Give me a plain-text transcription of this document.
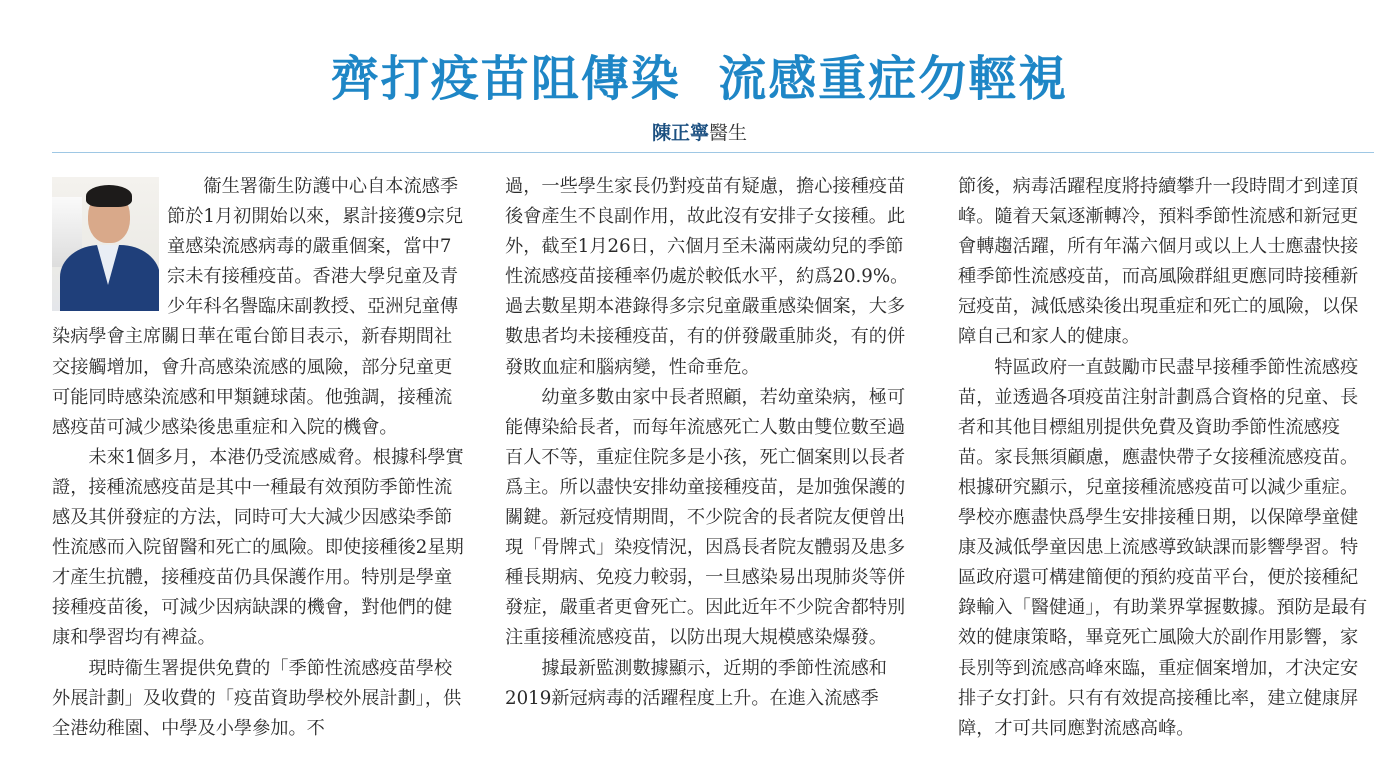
齊打疫苗阻傳染  流感重症勿輕視
陳正寧醫生

衞生署衞生防護中心自本流感季節於1月初開始以來，累計接獲9宗兒童感染流感病毒的嚴重個案，當中7宗未有接種疫苗。香港大學兒童及青少年科名譽臨床副教授、亞洲兒童傳染病學會主席關日華在電台節目表示，新春期間社交接觸增加，會升高感染流感的風險，部分兒童更可能同時感染流感和甲類鏈球菌。他強調，接種流感疫苗可減少感染後患重症和入院的機會。

未來1個多月，本港仍受流感威脅。根據科學實證，接種流感疫苗是其中一種最有效預防季節性流感及其併發症的方法，同時可大大減少因感染季節性流感而入院留醫和死亡的風險。即使接種後2星期才產生抗體，接種疫苗仍具保護作用。特別是學童接種疫苗後，可減少因病缺課的機會，對他們的健康和學習均有裨益。

現時衞生署提供免費的「季節性流感疫苗學校外展計劃」及收費的「疫苗資助學校外展計劃」，供全港幼稚園、中學及小學參加。不

過，一些學生家長仍對疫苗有疑慮，擔心接種疫苗後會產生不良副作用，故此沒有安排子女接種。此外，截至1月26日，六個月至未滿兩歲幼兒的季節性流感疫苗接種率仍處於較低水平，約爲20.9%。過去數星期本港錄得多宗兒童嚴重感染個案，大多數患者均未接種疫苗，有的併發嚴重肺炎，有的併發敗血症和腦病變，性命垂危。

幼童多數由家中長者照顧，若幼童染病，極可能傳染給長者，而每年流感死亡人數由雙位數至過百人不等，重症住院多是小孩，死亡個案則以長者爲主。所以盡快安排幼童接種疫苗，是加強保護的關鍵。新冠疫情期間，不少院舍的長者院友便曾出現「骨牌式」染疫情況，因爲長者院友體弱及患多種長期病、免疫力較弱，一旦感染易出現肺炎等併發症，嚴重者更會死亡。因此近年不少院舍都特別注重接種流感疫苗，以防出現大規模感染爆發。

據最新監測數據顯示，近期的季節性流感和2019新冠病毒的活躍程度上升。在進入流感季

節後，病毒活躍程度將持續攀升一段時間才到達頂峰。隨着天氣逐漸轉冷，預料季節性流感和新冠更會轉趨活躍，所有年滿六個月或以上人士應盡快接種季節性流感疫苗，而高風險群組更應同時接種新冠疫苗，減低感染後出現重症和死亡的風險，以保障自己和家人的健康。

特區政府一直鼓勵市民盡早接種季節性流感疫苗，並透過各項疫苗注射計劃爲合資格的兒童、長者和其他目標組別提供免費及資助季節性流感疫苗。家長無須顧慮，應盡快帶子女接種流感疫苗。根據研究顯示，兒童接種流感疫苗可以減少重症。學校亦應盡快爲學生安排接種日期，以保障學童健康及減低學童因患上流感導致缺課而影響學習。特區政府還可構建簡便的預約疫苗平台，便於接種紀錄輸入「醫健通」，有助業界掌握數據。預防是最有效的健康策略，畢竟死亡風險大於副作用影響，家長別等到流感高峰來臨，重症個案增加，才決定安排子女打針。只有有效提高接種比率，建立健康屏障，才可共同應對流感高峰。
